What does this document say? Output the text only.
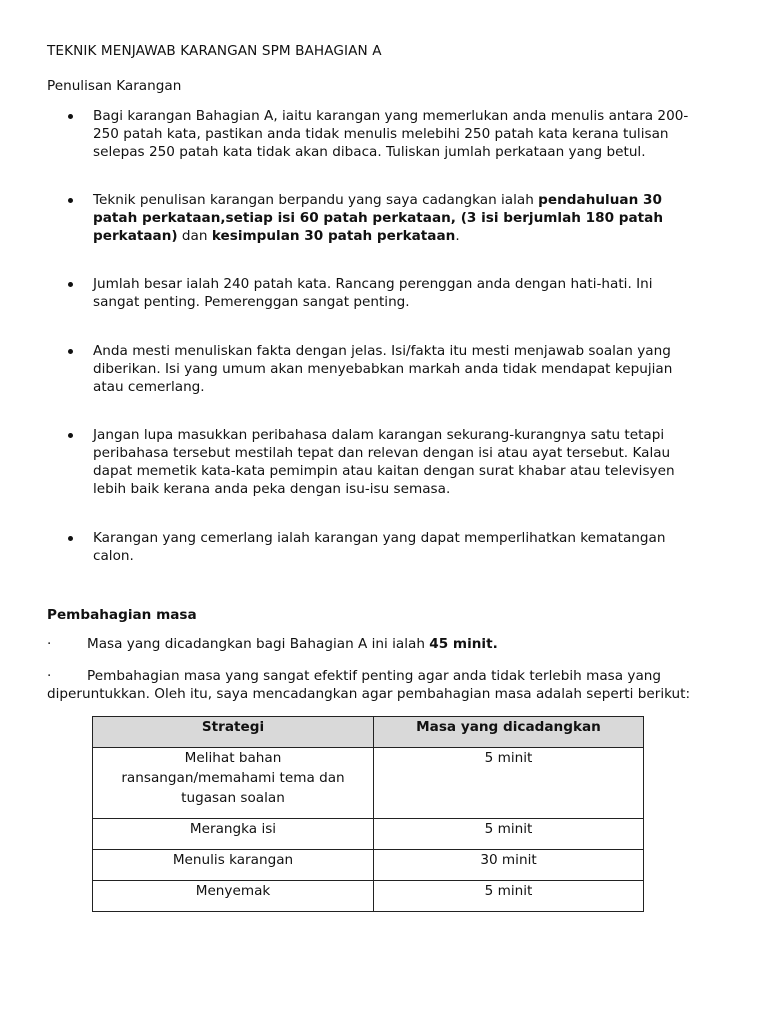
TEKNIK MENJAWAB KARANGAN SPM BAHAGIAN A
Penulisan Karangan
Bagi karangan Bahagian A, iaitu karangan yang memerlukan anda menulis antara 200-
250 patah kata, pastikan anda tidak menulis melebihi 250 patah kata kerana tulisan
selepas 250 patah kata tidak akan dibaca. Tuliskan jumlah perkataan yang betul.
Teknik penulisan karangan berpandu yang saya cadangkan ialah pendahuluan 30
patah perkataan,setiap isi 60 patah perkataan, (3 isi berjumlah 180 patah
perkataan) dan kesimpulan 30 patah perkataan.
Jumlah besar ialah 240 patah kata. Rancang perenggan anda dengan hati-hati. Ini
sangat penting. Pemerenggan sangat penting.
Anda mesti menuliskan fakta dengan jelas. Isi/fakta itu mesti menjawab soalan yang
diberikan. Isi yang umum akan menyebabkan markah anda tidak mendapat kepujian
atau cemerlang.
Jangan lupa masukkan peribahasa dalam karangan sekurang-kurangnya satu tetapi
peribahasa tersebut mestilah tepat dan relevan dengan isi atau ayat tersebut. Kalau
dapat memetik kata-kata pemimpin atau kaitan dengan surat khabar atau televisyen
lebih baik kerana anda peka dengan isu-isu semasa.
Karangan yang cemerlang ialah karangan yang dapat memperlihatkan kematangan
calon.
Pembahagian masa
·	Masa yang dicadangkan bagi Bahagian A ini ialah 45 minit.
·	Pembahagian masa yang sangat efektif penting agar anda tidak terlebih masa yang
diperuntukkan. Oleh itu, saya mencadangkan agar pembahagian masa adalah seperti berikut:
Strategi	Masa yang dicadangkan

Melihat bahan
ransangan/memahami tema dan
tugasan soalan	5 minit
Merangka isi	5 minit
Menulis karangan	30 minit
Menyemak	5 minit
